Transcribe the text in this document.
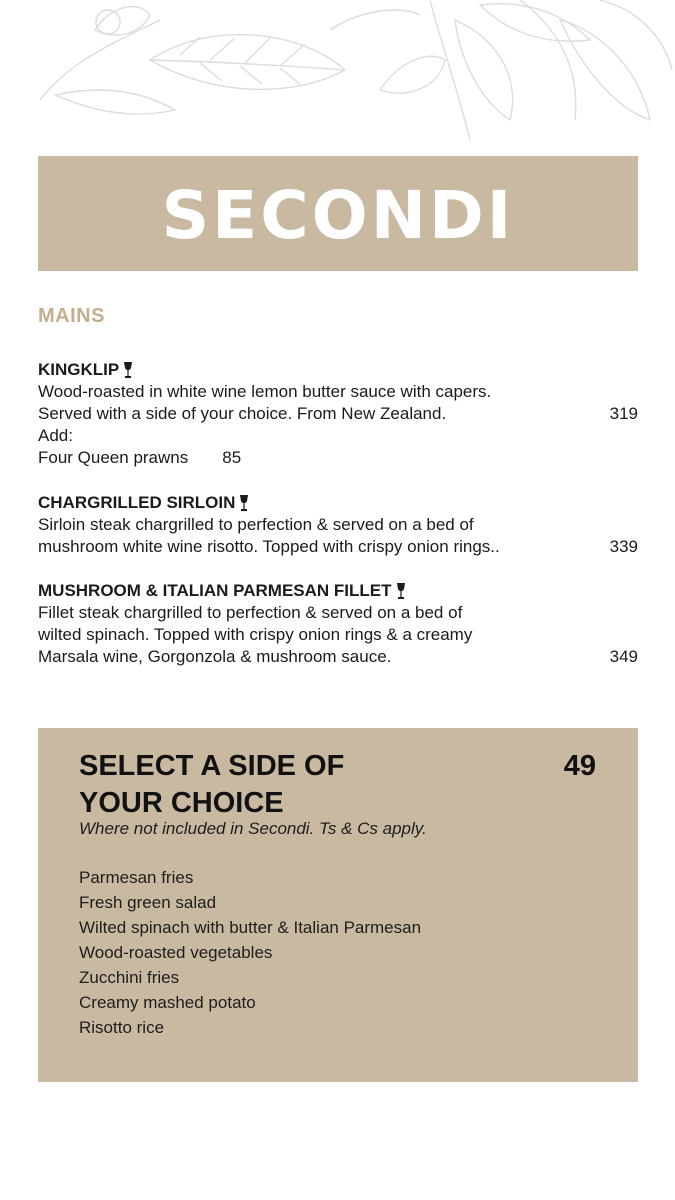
SECONDI
MAINS
KINGKLIP
Wood-roasted in white wine lemon butter sauce with capers.
Served with a side of your choice. From New Zealand.	319
Add:
Four Queen prawns 85
CHARGRILLED SIRLOIN
Sirloin steak chargrilled to perfection & served on a bed of
mushroom white wine risotto. Topped with crispy onion rings..	339
MUSHROOM & ITALIAN PARMESAN FILLET
Fillet steak chargrilled to perfection & served on a bed of
wilted spinach. Topped with crispy onion rings & a creamy
Marsala wine, Gorgonzola & mushroom sauce.	349
SELECT A SIDE OF YOUR CHOICE
49
Where not included in Secondi. Ts & Cs apply.
Parmesan fries
Fresh green salad
Wilted spinach with butter & Italian Parmesan
Wood-roasted vegetables
Zucchini fries
Creamy mashed potato
Risotto rice
